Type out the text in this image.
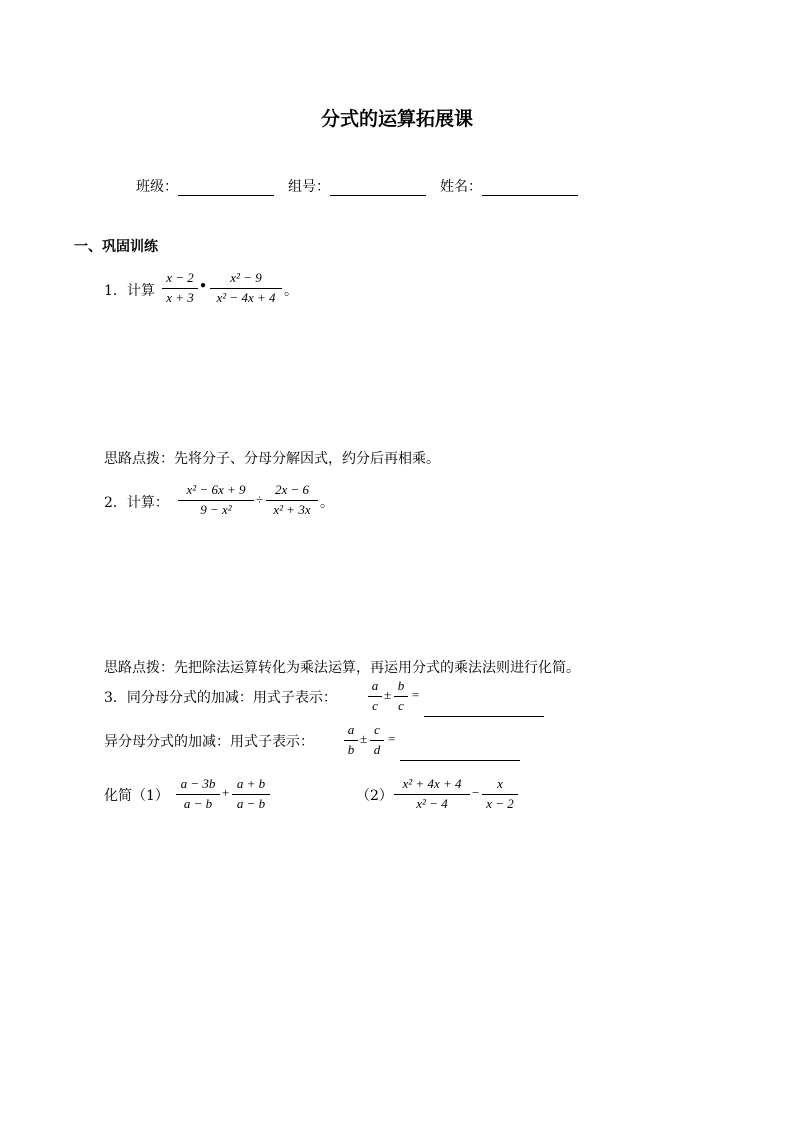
分式的运算拓展课
班级：	组号：	姓名：
一、巩固训练
1．计算
x − 2
x + 3
●
x² − 9
x² − 4x + 4 。
思路点拨：先将分子、分母分解因式，约分后再相乘。
2．计算：
x² − 6x + 9
9 − x²
÷
2x − 6
x² + 3x 。
思路点拨：先把除法运算转化为乘法运算，再运用分式的乘法法则进行化简。
3．同分母分式的加减：用式子表示：
a
c
±
b
c
=
异分母分式的加减：用式子表示：
a
b
±
c
d
=
化简（1）
a − 3b
a − b
+
a + b
a − b	（2）
x² + 4x + 4
x² − 4
−
x
x − 2
